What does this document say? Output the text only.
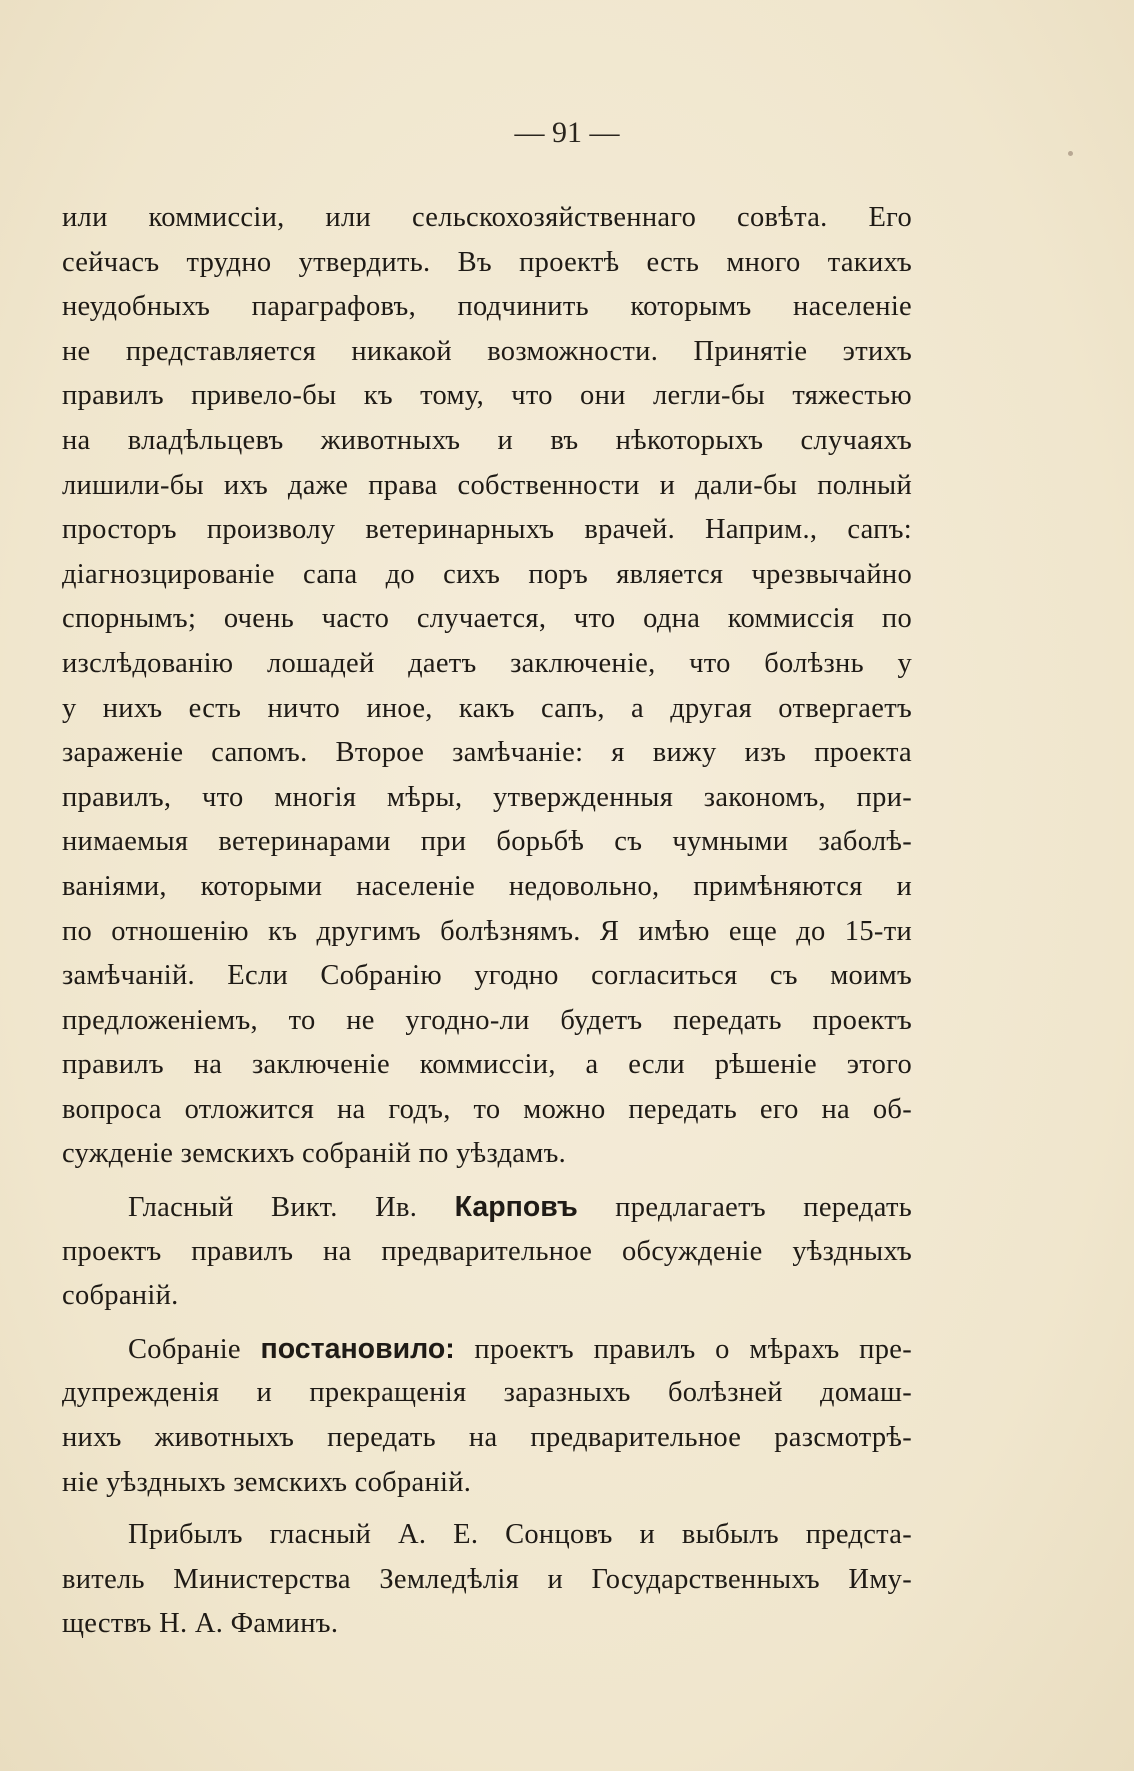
— 91 —

или коммиссіи, или сельскохозяйственнаго совѣта. Его
сейчасъ трудно утвердить. Въ проектѣ есть много такихъ
неудобныхъ параграфовъ, подчинить которымъ населеніе
не представляется никакой возможности. Принятіе этихъ
правилъ привело-бы къ тому, что они легли-бы тяжестью
на владѣльцевъ животныхъ и въ нѣкоторыхъ случаяхъ
лишили-бы ихъ даже права собственности и дали-бы полный
просторъ произволу ветеринарныхъ врачей. Наприм., сапъ:
діагнозцированіе сапа до сихъ поръ является чрезвычайно
спорнымъ; очень часто случается, что одна коммиссія по
изслѣдованію лошадей даетъ заключеніе, что болѣзнь у
у нихъ есть ничто иное, какъ сапъ, а другая отвергаетъ
зараженіе сапомъ. Второе замѣчаніе: я вижу изъ проекта
правилъ, что многія мѣры, утвержденныя закономъ, при-
нимаемыя ветеринарами при борьбѣ съ чумными заболѣ-
ваніями, которыми населеніе недовольно, примѣняются и
по отношенію къ другимъ болѣзнямъ. Я имѣю еще до 15-ти
замѣчаній. Если Собранію угодно согласиться съ моимъ
предложеніемъ, то не угодно-ли будетъ передать проектъ
правилъ на заключеніе коммиссіи, а если рѣшеніе этого
вопроса отложится на годъ, то можно передать его на об-
сужденіе земскихъ собраній по уѣздамъ.

Гласный Викт. Ив. Карповъ предлагаетъ передать
проектъ правилъ на предварительное обсужденіе уѣздныхъ
собраній.

Собраніе постановило: проектъ правилъ о мѣрахъ пре-
дупрежденія и прекращенія заразныхъ болѣзней домаш-
нихъ животныхъ передать на предварительное разсмотрѣ-
ніе уѣздныхъ земскихъ собраній.

Прибылъ гласный А. Е. Сонцовъ и выбылъ предста-
витель Министерства Земледѣлія и Государственныхъ Иму-
ществъ Н. А. Фаминъ.
